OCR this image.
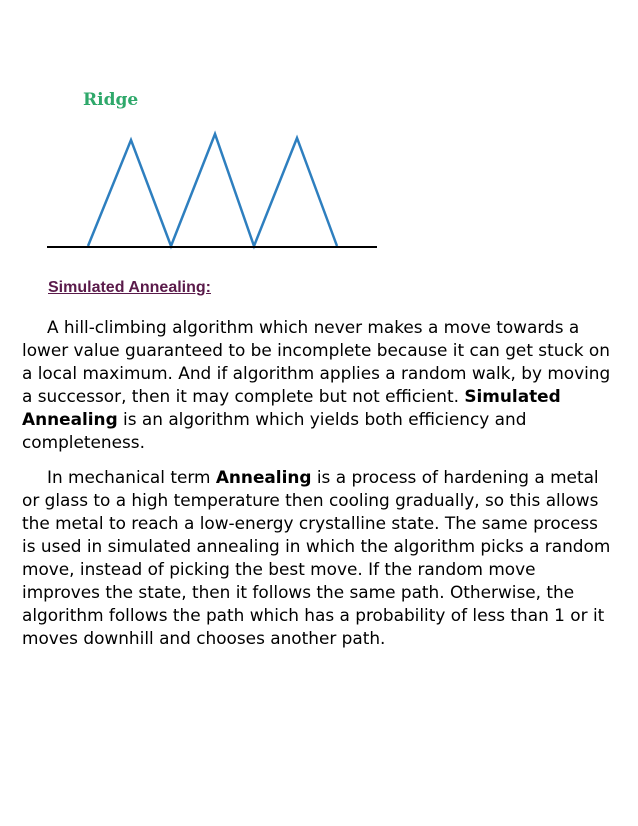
Ridge
Simulated Annealing:

A hill-climbing algorithm which never makes a move towards a lower value guaranteed to be incomplete because it can get stuck on a local maximum. And if algorithm applies a random walk, by moving a successor, then it may complete but not efficient. Simulated Annealing is an algorithm which yields both efficiency and completeness.

In mechanical term Annealing is a process of hardening a metal or glass to a high temperature then cooling gradually, so this allows the metal to reach a low-energy crystalline state. The same process is used in simulated annealing in which the algorithm picks a random move, instead of picking the best move. If the random move improves the state, then it follows the same path. Otherwise, the algorithm follows the path which has a probability of less than 1 or it moves downhill and chooses another path.
